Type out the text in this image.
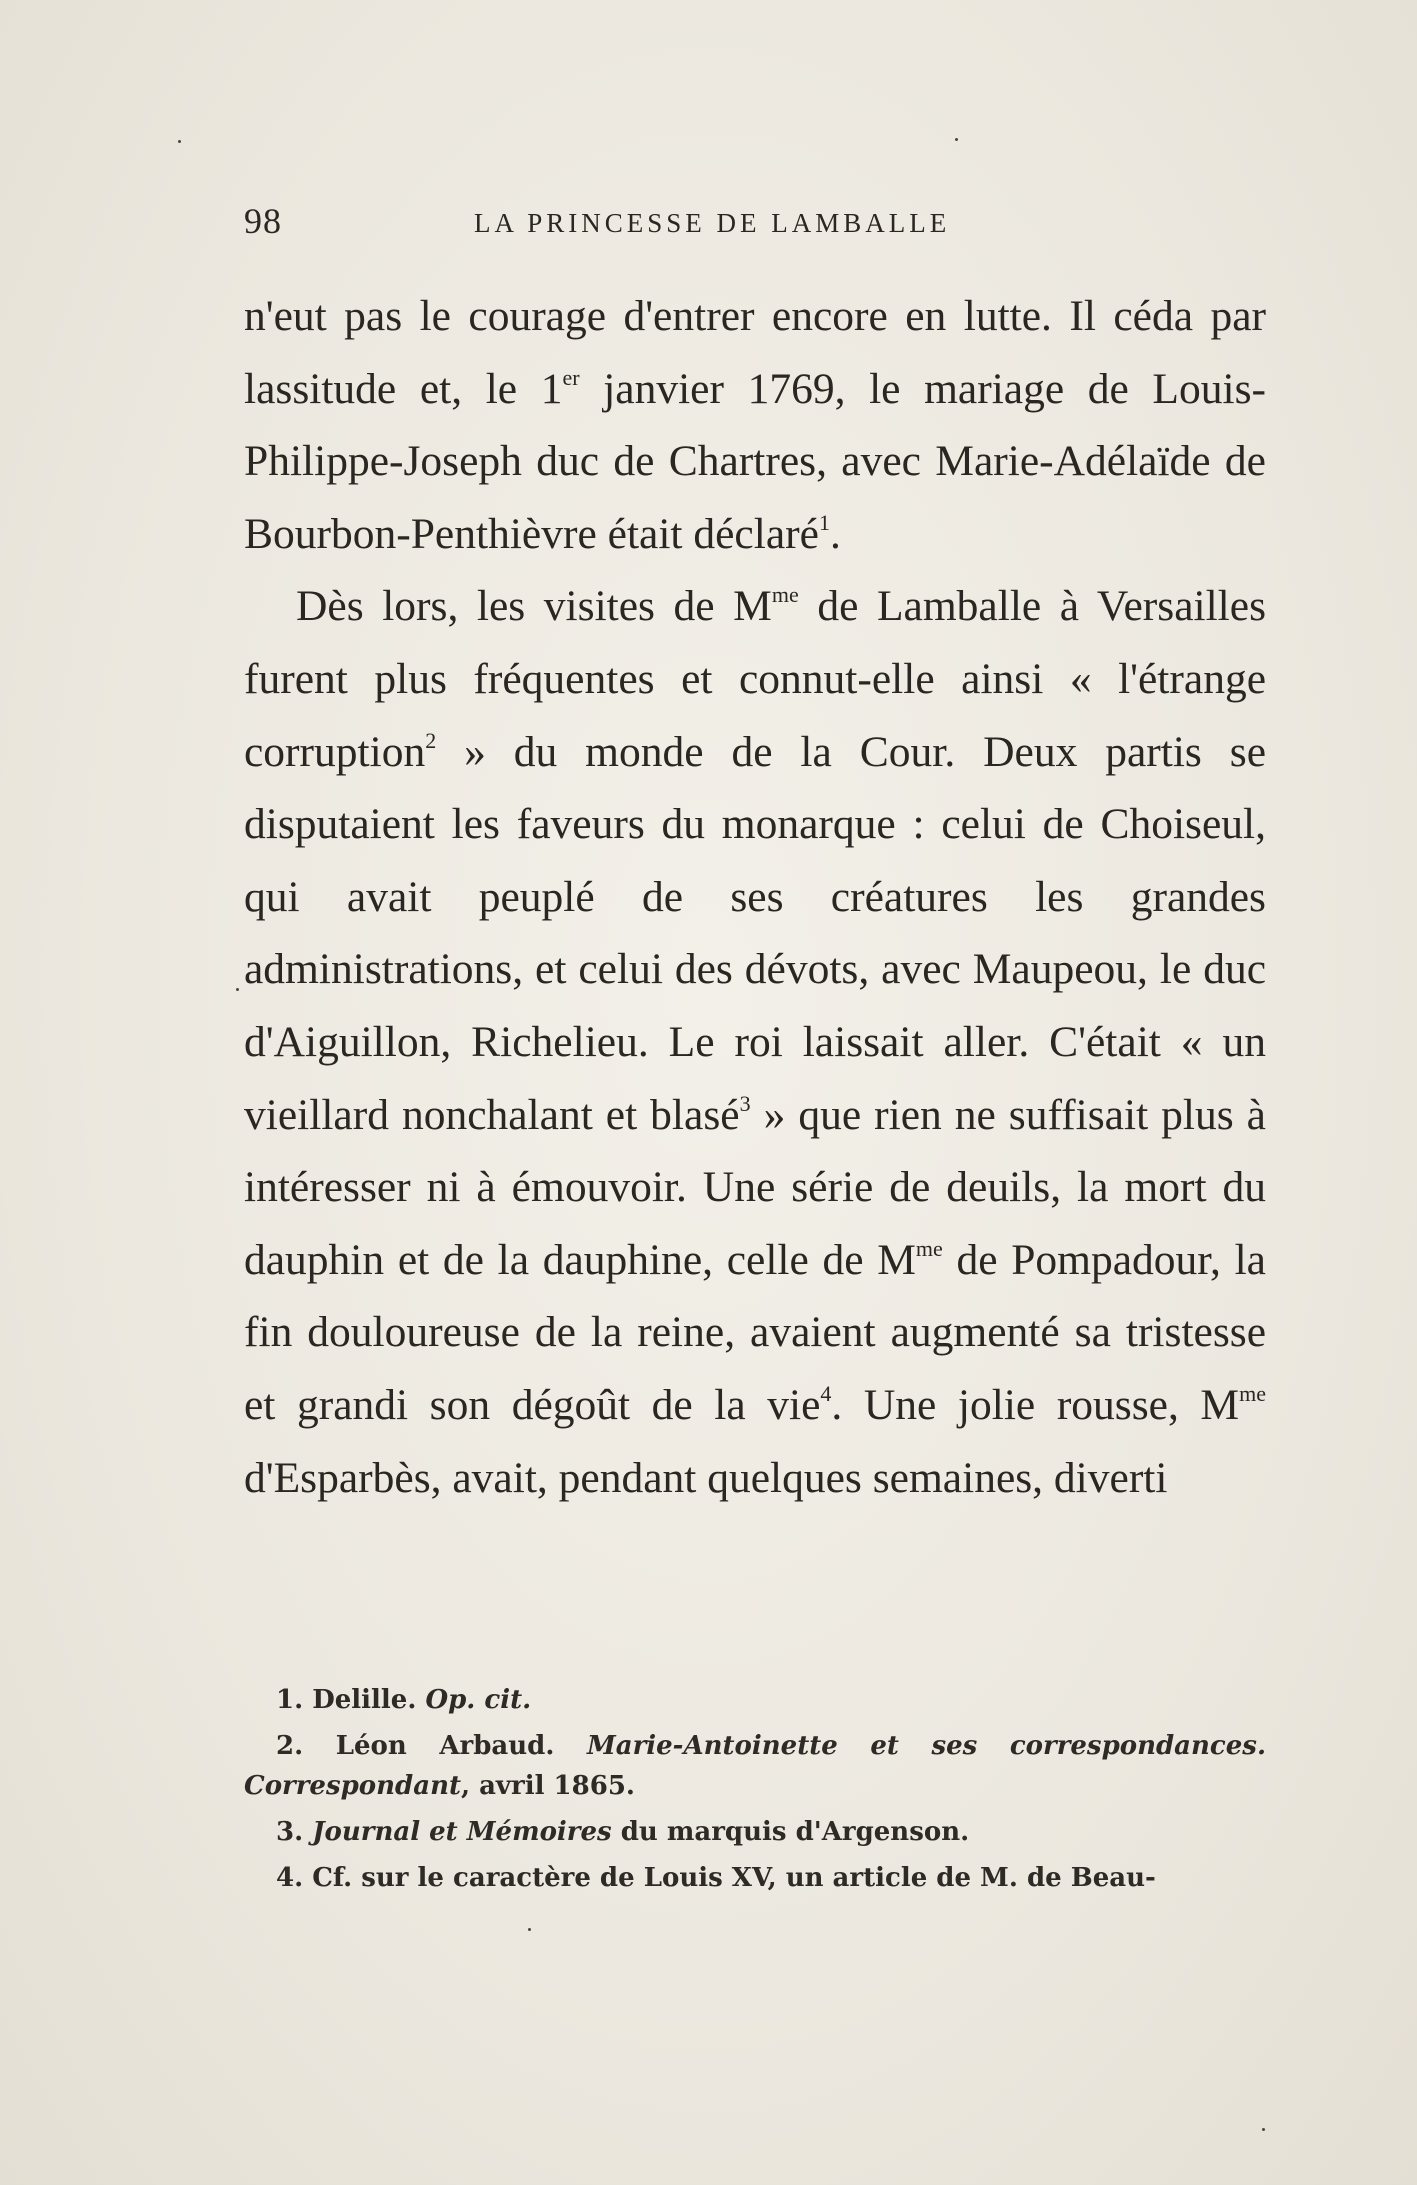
98	LA PRINCESSE DE LAMBALLE

n'eut pas le courage d'entrer encore en lutte. Il céda par lassitude et, le 1er janvier 1769, le mariage de Louis-Philippe-Joseph duc de Chartres, avec Marie-Adélaïde de Bourbon-Penthièvre était déclaré$^1$.

Dès lors, les visites de $M^{me}$ de Lamballe à Versailles furent plus fréquentes et connut-elle ainsi « l'étrange corruption$^2$ » du monde de la Cour. Deux partis se disputaient les faveurs du monarque : celui de Choiseul, qui avait peuplé de ses créatures les grandes administrations, et celui des dévots, avec Maupeou, le duc d'Aiguillon, Richelieu. Le roi laissait aller. C'était « un vieillard nonchalant et blasé$^3$ » que rien ne suffisait plus à intéresser ni à émouvoir. Une série de deuils, la mort du dauphin et de la dauphine, celle de $M^{me}$ de Pompadour, la fin douloureuse de la reine, avaient augmenté sa tristesse et grandi son dégoût de la vie$^4$. Une jolie rousse, $M^{me}$ d'Esparbès, avait, pendant quelques semaines, diverti

1. Delille. Op. cit.

2. Léon Arbaud. Marie-Antoinette et ses correspondances. Correspondant, avril 1865.

3. Journal et Mémoires du marquis d'Argenson.

4. Cf. sur le caractère de Louis XV, un article de M. de Beau-
